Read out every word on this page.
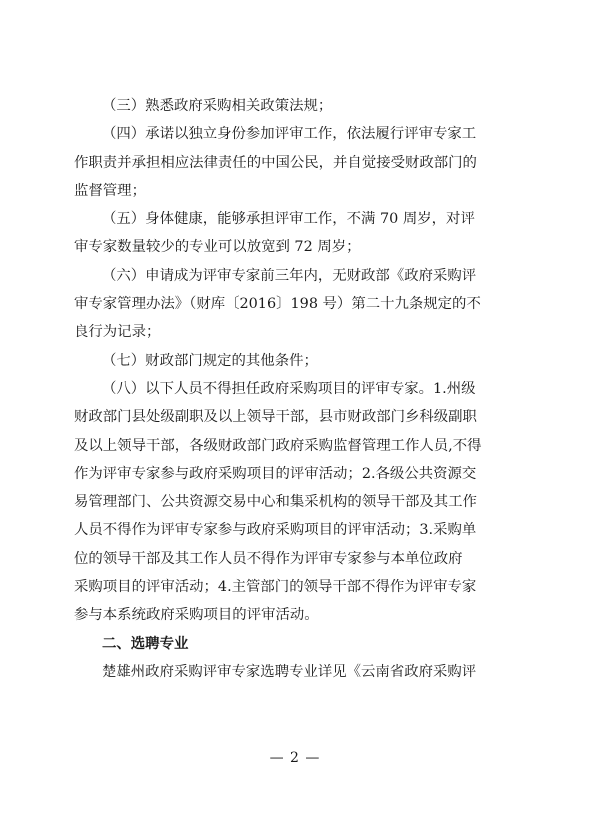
（三）熟悉政府采购相关政策法规；
（四）承诺以独立身份参加评审工作，依法履行评审专家工
作职责并承担相应法律责任的中国公民，并自觉接受财政部门的
监督管理；
（五）身体健康，能够承担评审工作，不满 70 周岁，对评
审专家数量较少的专业可以放宽到 72 周岁；
（六）申请成为评审专家前三年内，无财政部《政府采购评
审专家管理办法》（财库〔2016〕198 号）第二十九条规定的不
良行为记录；
（七）财政部门规定的其他条件；
（八）以下人员不得担任政府采购项目的评审专家。1.州级
财政部门县处级副职及以上领导干部，县市财政部门乡科级副职
及以上领导干部，各级财政部门政府采购监督管理工作人员,不得
作为评审专家参与政府采购项目的评审活动；2.各级公共资源交
易管理部门、公共资源交易中心和集采机构的领导干部及其工作
人员不得作为评审专家参与政府采购项目的评审活动；3.采购单
位的领导干部及其工作人员不得作为评审专家参与本单位政府
采购项目的评审活动；4.主管部门的领导干部不得作为评审专家
参与本系统政府采购项目的评审活动。
二、选聘专业
楚雄州政府采购评审专家选聘专业详见《云南省政府采购评
— 2 —
